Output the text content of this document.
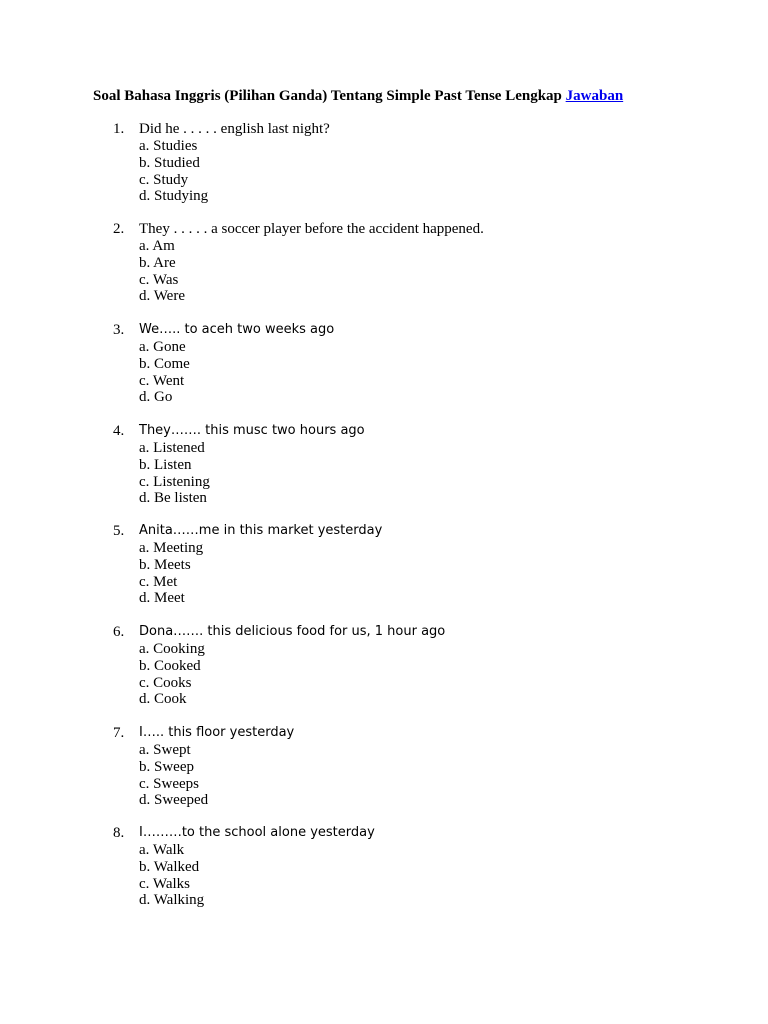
Soal Bahasa Inggris (Pilihan Ganda) Tentang Simple Past Tense Lengkap Jawaban
1. Did he . . . . . english last night?
a. Studies
b. Studied
c. Study
d. Studying
2. They . . . . . a soccer player before the accident happened.
a. Am
b. Are
c. Was
d. Were
3. We….. to aceh two weeks ago
a. Gone
b. Come
c. Went
d. Go
4. They……. this musc two hours ago
a. Listened
b. Listen
c. Listening
d. Be listen
5. Anita……me in this market yesterday
a. Meeting
b. Meets
c. Met
d. Meet
6. Dona……. this delicious food for us, 1 hour ago
a. Cooking
b. Cooked
c. Cooks
d. Cook
7. I….. this floor yesterday
a. Swept
b. Sweep
c. Sweeps
d. Sweeped
8. I………to the school alone yesterday
a. Walk
b. Walked
c. Walks
d. Walking
